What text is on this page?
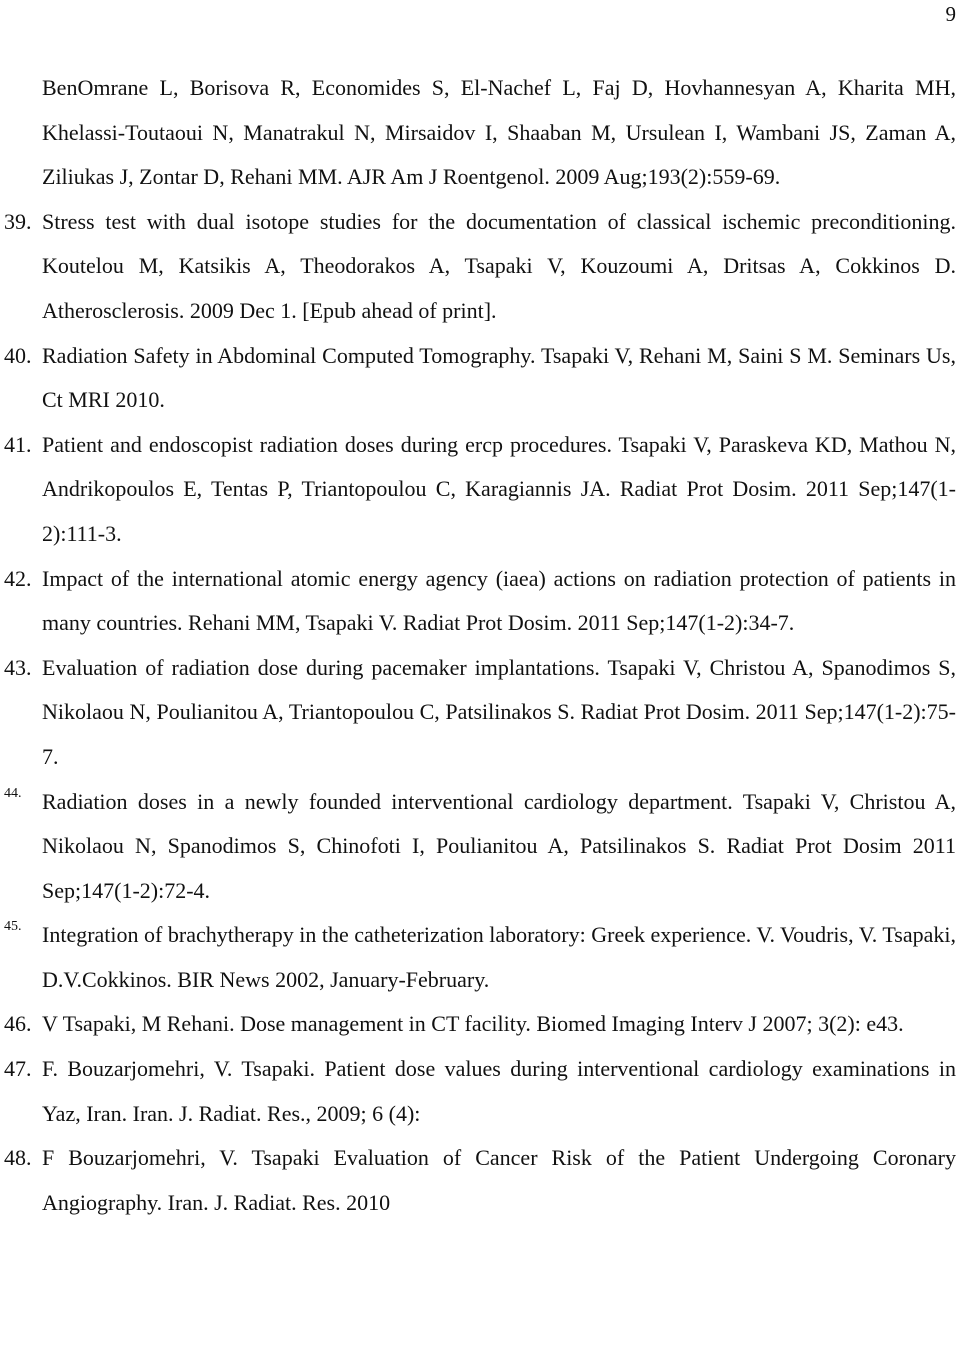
9
BenOmrane L, Borisova R, Economides S, El-Nachef L, Faj D, Hovhannesyan A, Kharita MH, Khelassi-Toutaoui N, Manatrakul N, Mirsaidov I, Shaaban M, Ursulean I, Wambani JS, Zaman A, Ziliukas J, Zontar D, Rehani MM. AJR Am J Roentgenol. 2009 Aug;193(2):559-69.
39. Stress test with dual isotope studies for the documentation of classical ischemic preconditioning. Koutelou M, Katsikis A, Theodorakos A, Tsapaki V, Kouzoumi A, Dritsas A, Cokkinos D. Atherosclerosis. 2009 Dec 1. [Epub ahead of print].
40. Radiation Safety in Abdominal Computed Tomography. Tsapaki V, Rehani M, Saini S M. Seminars Us, Ct MRI 2010.
41. Patient and endoscopist radiation doses during ercp procedures. Tsapaki V, Paraskeva KD, Mathou N, Andrikopoulos E, Tentas P, Triantopoulou C, Karagiannis JA. Radiat Prot Dosim. 2011 Sep;147(1-2):111-3.
42. Impact of the international atomic energy agency (iaea) actions on radiation protection of patients in many countries. Rehani MM, Tsapaki V. Radiat Prot Dosim. 2011 Sep;147(1-2):34-7.
43. Evaluation of radiation dose during pacemaker implantations. Tsapaki V, Christou A, Spanodimos S, Nikolaou N, Poulianitou A, Triantopoulou C, Patsilinakos S. Radiat Prot Dosim. 2011 Sep;147(1-2):75-7.
44. Radiation doses in a newly founded interventional cardiology department. Tsapaki V, Christou A, Nikolaou N, Spanodimos S, Chinofoti I, Poulianitou A, Patsilinakos S. Radiat Prot Dosim 2011 Sep;147(1-2):72-4.
45. Integration of brachytherapy in the catheterization laboratory: Greek experience. V. Voudris, V. Tsapaki, D.V.Cokkinos. BIR News 2002, January-February.
46. V Tsapaki, M Rehani. Dose management in CT facility. Biomed Imaging Interv J 2007; 3(2): e43.
47. F. Bouzarjomehri, V. Tsapaki. Patient dose values during interventional cardiology examinations in Yaz, Iran. Iran. J. Radiat. Res., 2009; 6 (4):
48. F Bouzarjomehri, V. Tsapaki Evaluation of Cancer Risk of the Patient Undergoing Coronary Angiography. Iran. J. Radiat. Res. 2010
